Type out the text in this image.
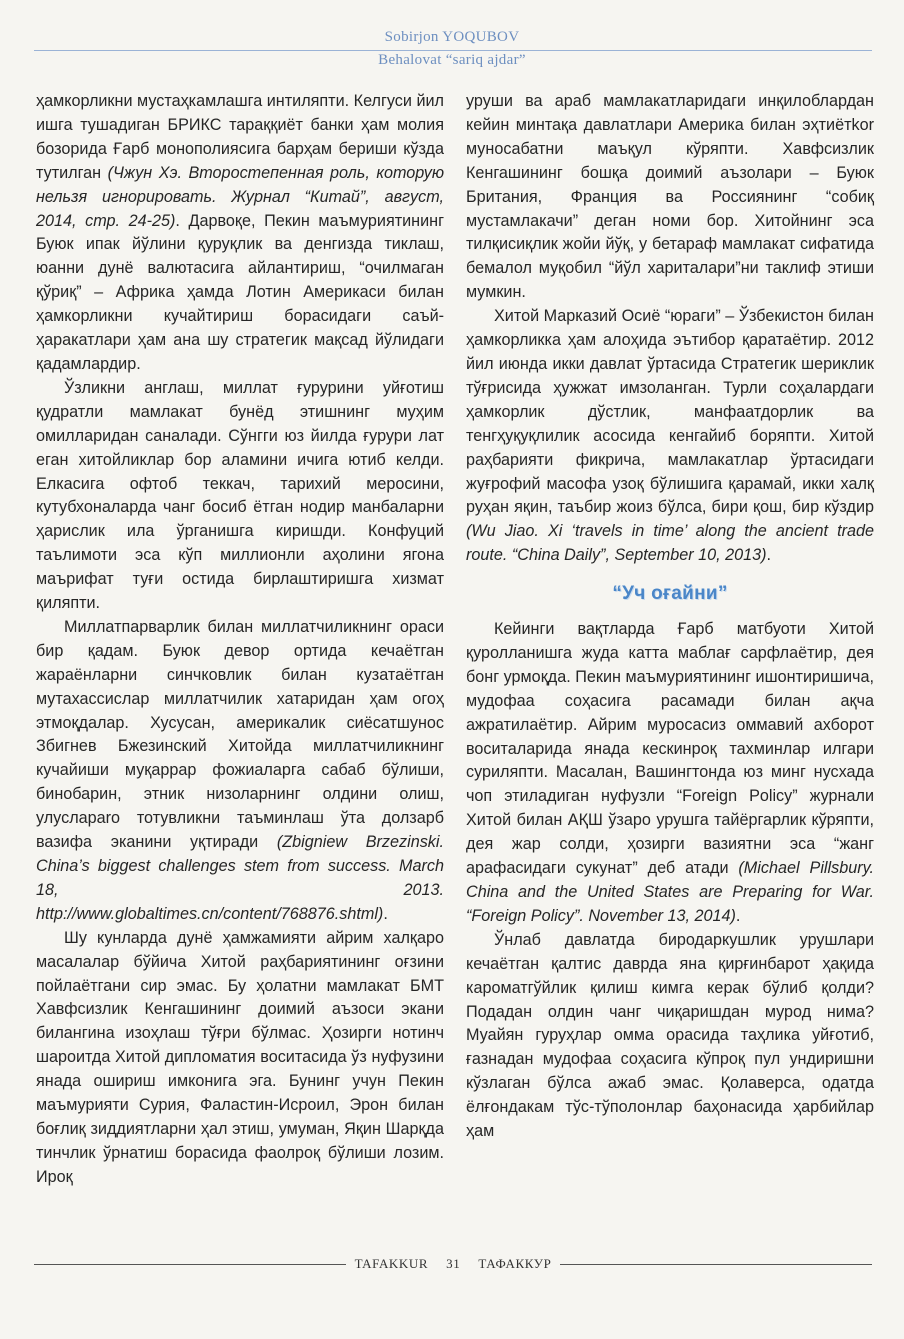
Sobirjon YOQUBOV
Behalovat “sariq ajdar”

ҳамкорликни мустаҳкамлашга интиляпти. Келгуси йил ишга тушадиган БРИКС тараққиёт банки ҳам молия бозорида Ғарб монополиясига барҳам бериши кўзда тутилган (Чжун Хэ. Второстепенная роль, которую нельзя игнорировать. Журнал “Китай”, август, 2014, стр. 24-25). Дарвоқе, Пекин маъмуриятининг Буюк ипак йўлини қуруқлик ва денгизда тиклаш, юанни дунё валютасига айлантириш, “очилмаган қўриқ” – Африка ҳамда Лотин Америкаси билан ҳамкорликни кучайтириш борасидаги саъй-ҳаракатлари ҳам ана шу стратегик мақсад йўлидаги қадамлардир.

Ўзликни англаш, миллат ғурурини уйғотиш қудратли мамлакат бунёд этишнинг муҳим омилларидан саналади. Сўнгги юз йилда ғурури лат еган хитойликлар бор аламини ичига ютиб келди. Елкасига офтоб теккач, тарихий меросини, кутубхоналарда чанг босиб ётган нодир манбаларни ҳарислик ила ўрганишга киришди. Конфуций таълимоти эса кўп миллионли аҳолини ягона маърифат туғи остида бирлаштиришга хизмат қиляпти.

Миллатпарварлик билан миллатчиликнинг ораси бир қадам. Буюк девор ортида кечаётган жараёнларни синчковлик билан кузатаётган мутахассислар миллатчилик хатаридан ҳам огоҳ этмоқдалар. Хусусан, америкалик сиёсатшунос Збигнев Бжезинский Хитойда миллатчиликнинг кучайиши муқаррар фожиаларга сабаб бўлиши, бинобарин, этник низоларнинг олдини олиш, улусларaro тотувликни таъминлаш ўта долзарб вазифа эканини уқтиради (Zbigniew Brzezinski. China’s biggest challenges stem from success. March 18, 2013. http://www.globaltimes.cn/content/768876.shtml).

Шу кунларда дунё ҳамжамияти айрим халқаро масалалар бўйича Хитой раҳбариятининг оғзини пойлаётгани сир эмас. Бу ҳолатни мамлакат БМТ Хавфсизлик Кенгашининг доимий аъзоси экани билангина изоҳлаш тўғри бўлмас. Ҳозирги нотинч шароитда Хитой дипломатия воситасида ўз нуфузини янада ошириш имконига эга. Бунинг учун Пекин маъмурияти Сурия, Фаластин-Исроил, Эрон билан боғлиқ зиддиятларни ҳал этиш, умуман, Яқин Шарқда тинчлик ўрнатиш борасида фаолроқ бўлиши лозим. Ироқ

уруши ва араб мамлакатларидаги инқилоблардан кейин минтақа давлатлари Америка билан эҳтиётkor муносабатни маъқул кўряпти. Хавфсизлик Кенгашининг бошқа доимий аъзолари – Буюк Британия, Франция ва Россиянинг “собиқ мустамлакачи” деган номи бор. Хитойнинг эса тилқисиқлик жойи йўқ, у бетараф мамлакат сифатида бемалол муқобил “йўл хариталари”ни таклиф этиши мумкин.

Хитой Марказий Осиё “юраги” – Ўзбекистон билан ҳамкорликка ҳам алоҳида эътибор қаратаётир. 2012 йил июнда икки давлат ўртасида Стратегик шериклик тўғрисида ҳужжат имзоланган. Турли соҳалардаги ҳамкорлик дўстлик, манфаатдорлик ва тенгҳуқуқлилик асосида кенгайиб боряпти. Хитой раҳбарияти фикрича, мамлакатлар ўртасидаги жуғрофий масофа узоқ бўлишига қарамай, икки халқ руҳан яқин, таъбир жоиз бўлса, бири қош, бир кўздир (Wu Jiao. Xi ‘travels in time’ along the ancient trade route. “China Daily”, September 10, 2013).

“Уч оғайни”

Кейинги вақтларда Ғарб матбуоти Хитой қуролланишга жуда катта маблағ сарфлаётир, дея бонг урмоқда. Пекин маъмуриятининг ишонтиришича, мудофаа соҳасига расамади билан ақча ажратилаётир. Айрим муросасиз оммавий ахборот воситаларида янада кескинроқ тахминлар илгари суриляпти. Масалан, Вашингтонда юз минг нусхада чоп этиладиган нуфузли “Foreign Policy” журнали Хитой билан АҚШ ўзаро урушга тайёргарлик кўряпти, дея жар солди, ҳозирги вазиятни эса “жанг арафасидаги сукунат” деб атади (Michael Pillsbury. China and the United States are Preparing for War. “Foreign Policy”. November 13, 2014).

Ўнлаб давлатда биродаркушлик урушлари кечаётган қалтис даврда яна қирғинбарот ҳақида кароматгўйлик қилиш кимга керак бўлиб қолди? Подадан олдин чанг чиқаришдан мурод нима? Муайян гуруҳлар омма орасида таҳлика уйғотиб, ғазнадан мудофаа соҳасига кўпроқ пул ундиришни кўзлаган бўлса ажаб эмас. Қолаверса, одатда ёлғондакам тўс-тўполонлар баҳонасида ҳарбийлар ҳам

TAFAKKUR	31	ТАФАККУР
